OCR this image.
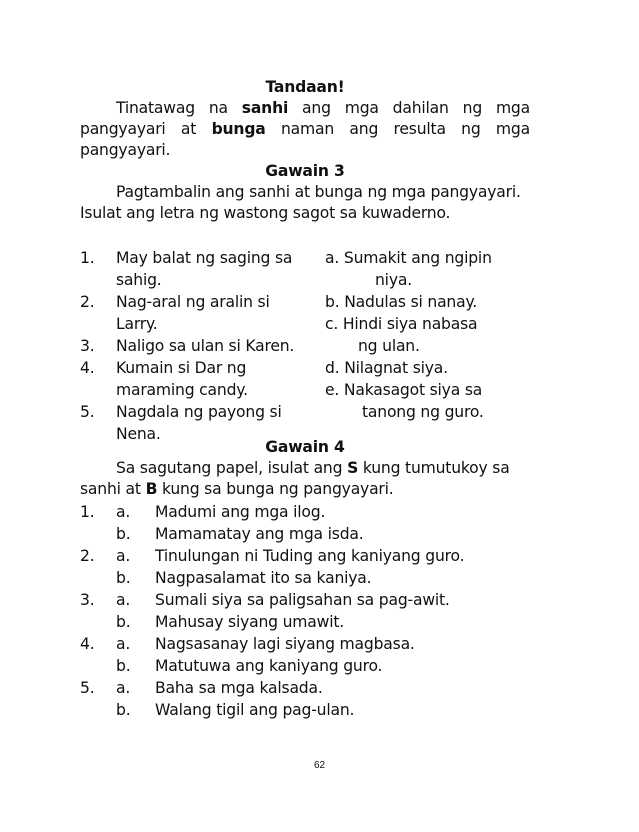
Tandaan!
Tinatawag na sanhi ang mga dahilan ng mga pangyayari at bunga naman ang resulta ng mga pangyayari.
Gawain 3
Pagtambalin ang sanhi at bunga ng mga pangyayari. Isulat ang letra ng wastong sagot sa kuwaderno.
1. May balat ng saging sa
sahig.
2. Nag-aral ng aralin si
Larry.
3. Naligo sa ulan si Karen.
4. Kumain si Dar ng
maraming candy.
5. Nagdala ng payong si
Nena.
a. Sumakit ang ngipin
niya.
b. Nadulas si nanay.
c. Hindi siya nabasa
ng ulan.
d. Nilagnat siya.
e. Nakasagot siya sa
tanong ng guro.
Gawain 4
Sa sagutang papel, isulat ang S kung tumutukoy sa sanhi at B kung sa bunga ng pangyayari.
1. a. Madumi ang mga ilog.
b. Mamamatay ang mga isda.
2. a. Tinulungan ni Tuding ang kaniyang guro.
b. Nagpasalamat ito sa kaniya.
3. a. Sumali siya sa paligsahan sa pag-awit.
b. Mahusay siyang umawit.
4. a. Nagsasanay lagi siyang magbasa.
b. Matutuwa ang kaniyang guro.
5. a. Baha sa mga kalsada.
b. Walang tigil ang pag-ulan.
62
